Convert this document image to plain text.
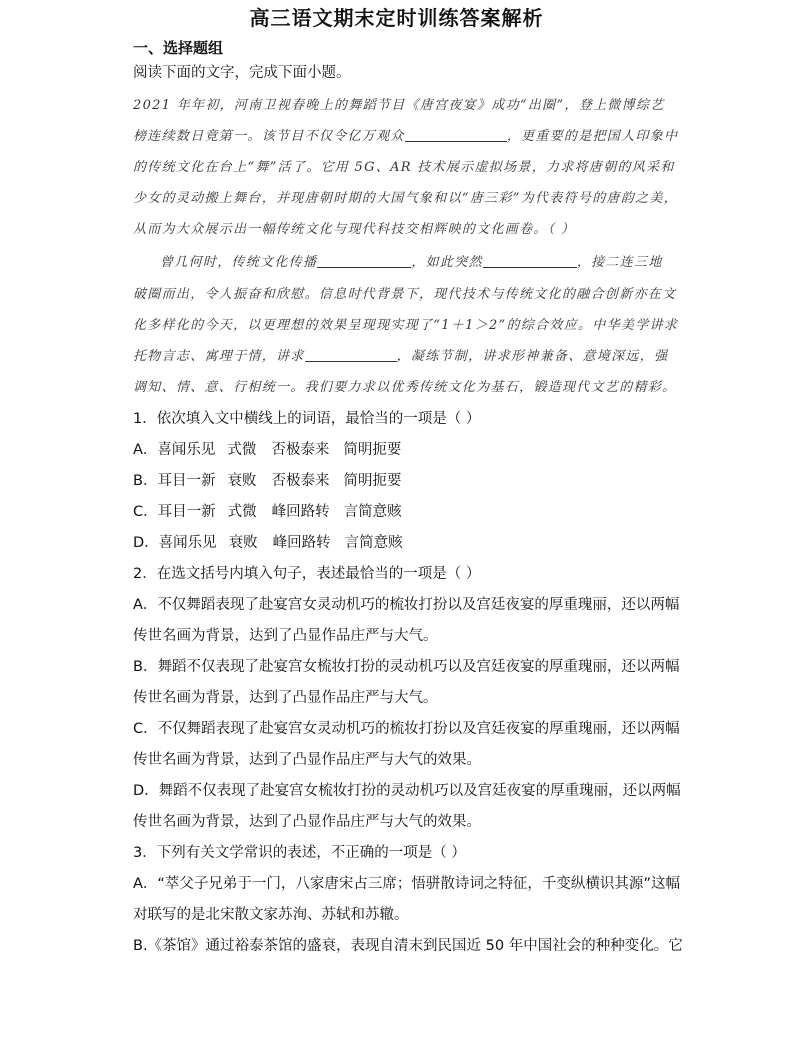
高三语文期末定时训练答案解析
一、选择题组
阅读下面的文字，完成下面小题。
2021 年年初，河南卫视春晚上的舞蹈节目《唐宫夜宴》成功“出圈”，登上微博综艺
榜连续数日竟第一。该节目不仅令亿万观众	，更重要的是把国人印象中
的传统文化在台上“舞”活了。它用 5G、AR 技术展示虚拟场景，力求将唐朝的风采和
少女的灵动搬上舞台，并现唐朝时期的大国气象和以“唐三彩”为代表符号的唐韵之美，
从而为大众展示出一幅传统文化与现代科技交相辉映的文化画卷。（ ）
曾几何时，传统文化传播	，如此突然	，接二连三地
破圈而出，令人振奋和欣慰。信息时代背景下，现代技术与传统文化的融合创新亦在文
化多样化的今天，以更理想的效果呈现现实现了“1＋1＞2”的综合效应。中华美学讲求
托物言志、寓理于情，讲求	，凝练节制，讲求形神兼备、意境深远，强
调知、情、意、行相统一。我们要力求以优秀传统文化为基石，锻造现代文艺的精彩。
1．依次填入文中横线上的词语，最恰当的一项是（ ）
A．喜闻乐见 式微 否极泰来 简明扼要
B．耳目一新 衰败 否极泰来 简明扼要
C．耳目一新 式微 峰回路转 言简意赅
D．喜闻乐见 衰败 峰回路转 言简意赅
2．在选文括号内填入句子，表述最恰当的一项是（ ）
A．不仅舞蹈表现了赴宴宫女灵动机巧的梳妆打扮以及宫廷夜宴的厚重瑰丽，还以两幅
传世名画为背景，达到了凸显作品庄严与大气。
B．舞蹈不仅表现了赴宴宫女梳妆打扮的灵动机巧以及宫廷夜宴的厚重瑰丽，还以两幅
传世名画为背景，达到了凸显作品庄严与大气。
C．不仅舞蹈表现了赴宴宫女灵动机巧的梳妆打扮以及宫廷夜宴的厚重瑰丽，还以两幅
传世名画为背景，达到了凸显作品庄严与大气的效果。
D．舞蹈不仅表现了赴宴宫女梳妆打扮的灵动机巧以及宫廷夜宴的厚重瑰丽，还以两幅
传世名画为背景，达到了凸显作品庄严与大气的效果。
3．下列有关文学常识的表述，不正确的一项是（ ）
A．“萃父子兄弟于一门，八家唐宋占三席；悟骈散诗词之特征，千变纵横识其源”这幅
对联写的是北宋散文家苏洵、苏轼和苏辙。
B.《茶馆》通过裕泰茶馆的盛衰，表现自清末到民国近 50 年中国社会的种种变化。它
